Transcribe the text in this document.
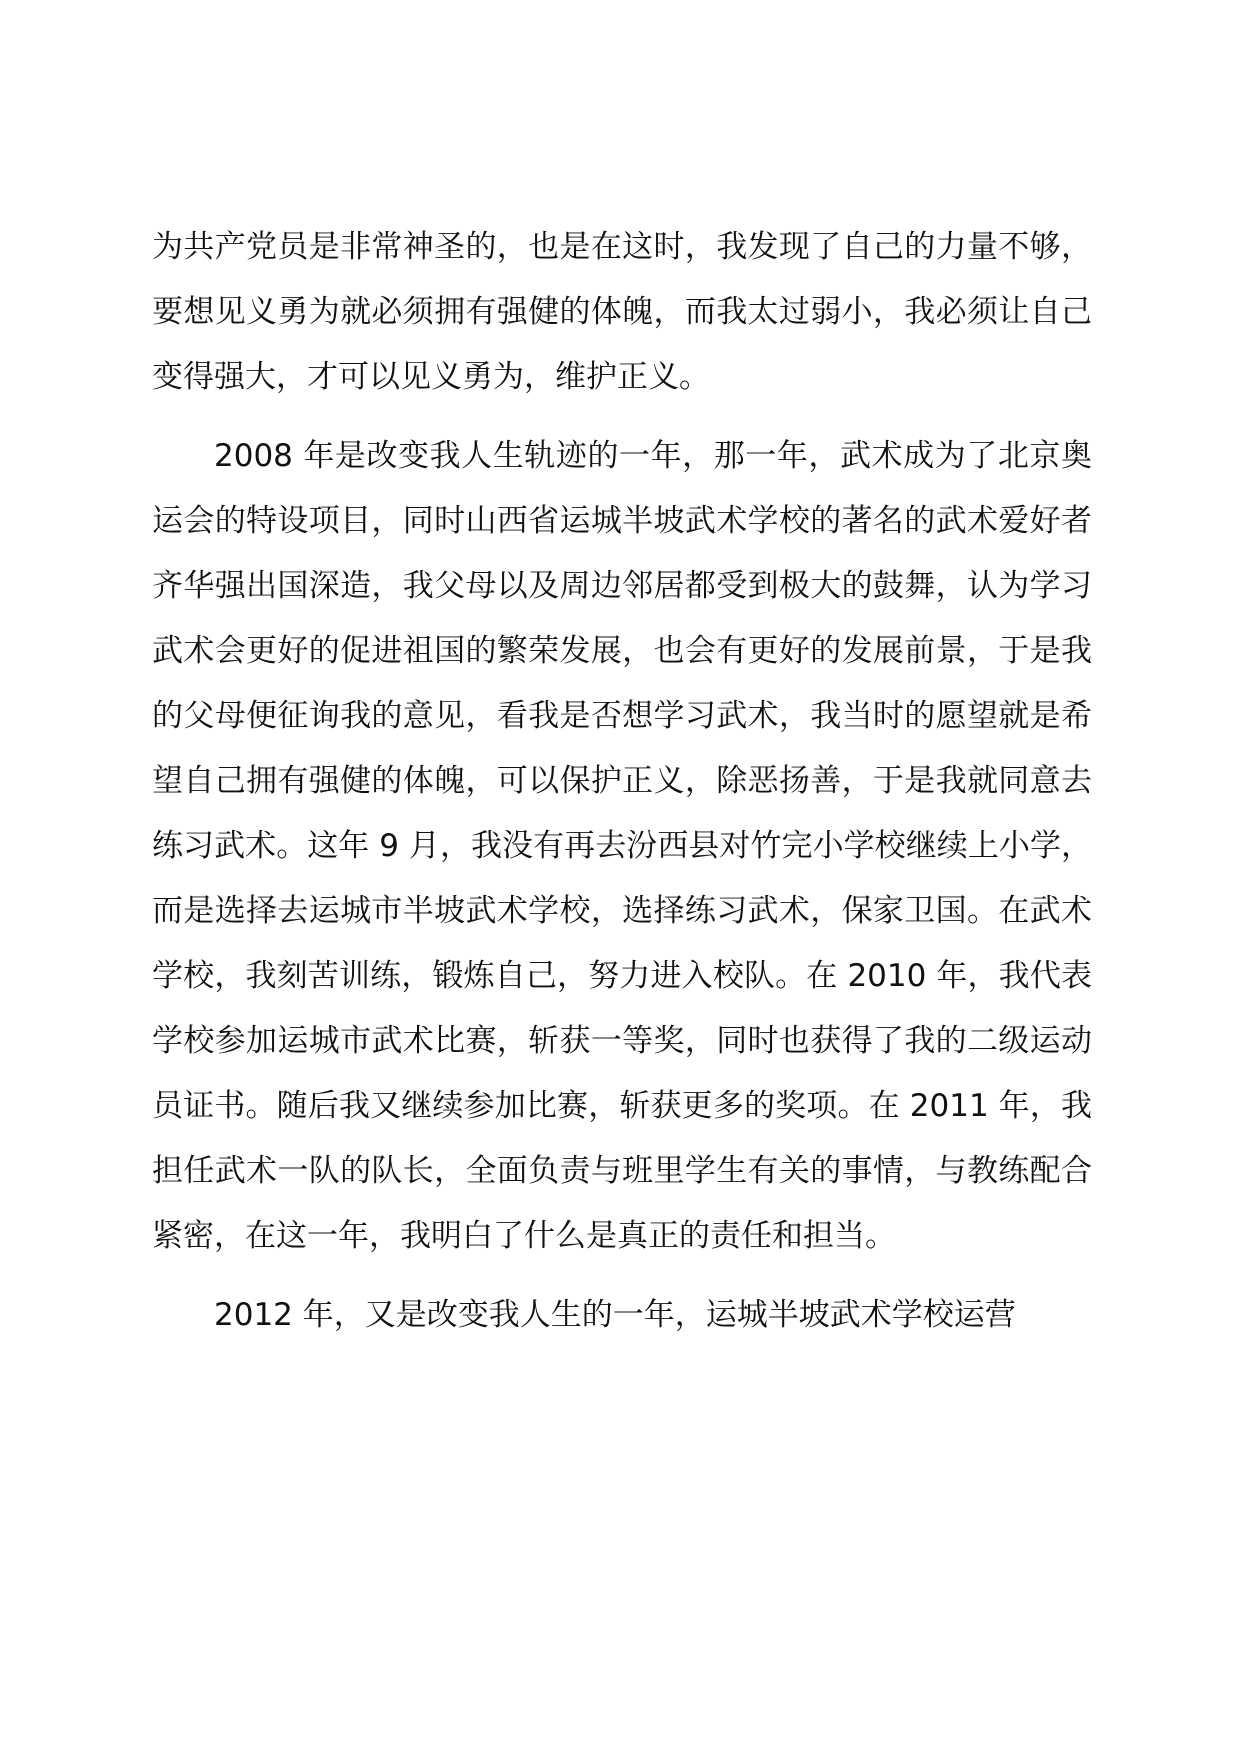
为共产党员是非常神圣的，也是在这时，我发现了自己的力量不够，要想见义勇为就必须拥有强健的体魄，而我太过弱小，我必须让自己变得强大，才可以见义勇为，维护正义。

2008 年是改变我人生轨迹的一年，那一年，武术成为了北京奥运会的特设项目，同时山西省运城半坡武术学校的著名的武术爱好者齐华强出国深造，我父母以及周边邻居都受到极大的鼓舞，认为学习武术会更好的促进祖国的繁荣发展，也会有更好的发展前景，于是我的父母便征询我的意见，看我是否想学习武术，我当时的愿望就是希望自己拥有强健的体魄，可以保护正义，除恶扬善，于是我就同意去练习武术。这年 9 月，我没有再去汾西县对竹完小学校继续上小学，而是选择去运城市半坡武术学校，选择练习武术，保家卫国。在武术学校，我刻苦训练，锻炼自己，努力进入校队。在 2010 年，我代表学校参加运城市武术比赛，斩获一等奖，同时也获得了我的二级运动员证书。随后我又继续参加比赛，斩获更多的奖项。在 2011 年，我担任武术一队的队长，全面负责与班里学生有关的事情，与教练配合紧密，在这一年，我明白了什么是真正的责任和担当。

2012 年，又是改变我人生的一年，运城半坡武术学校运营
